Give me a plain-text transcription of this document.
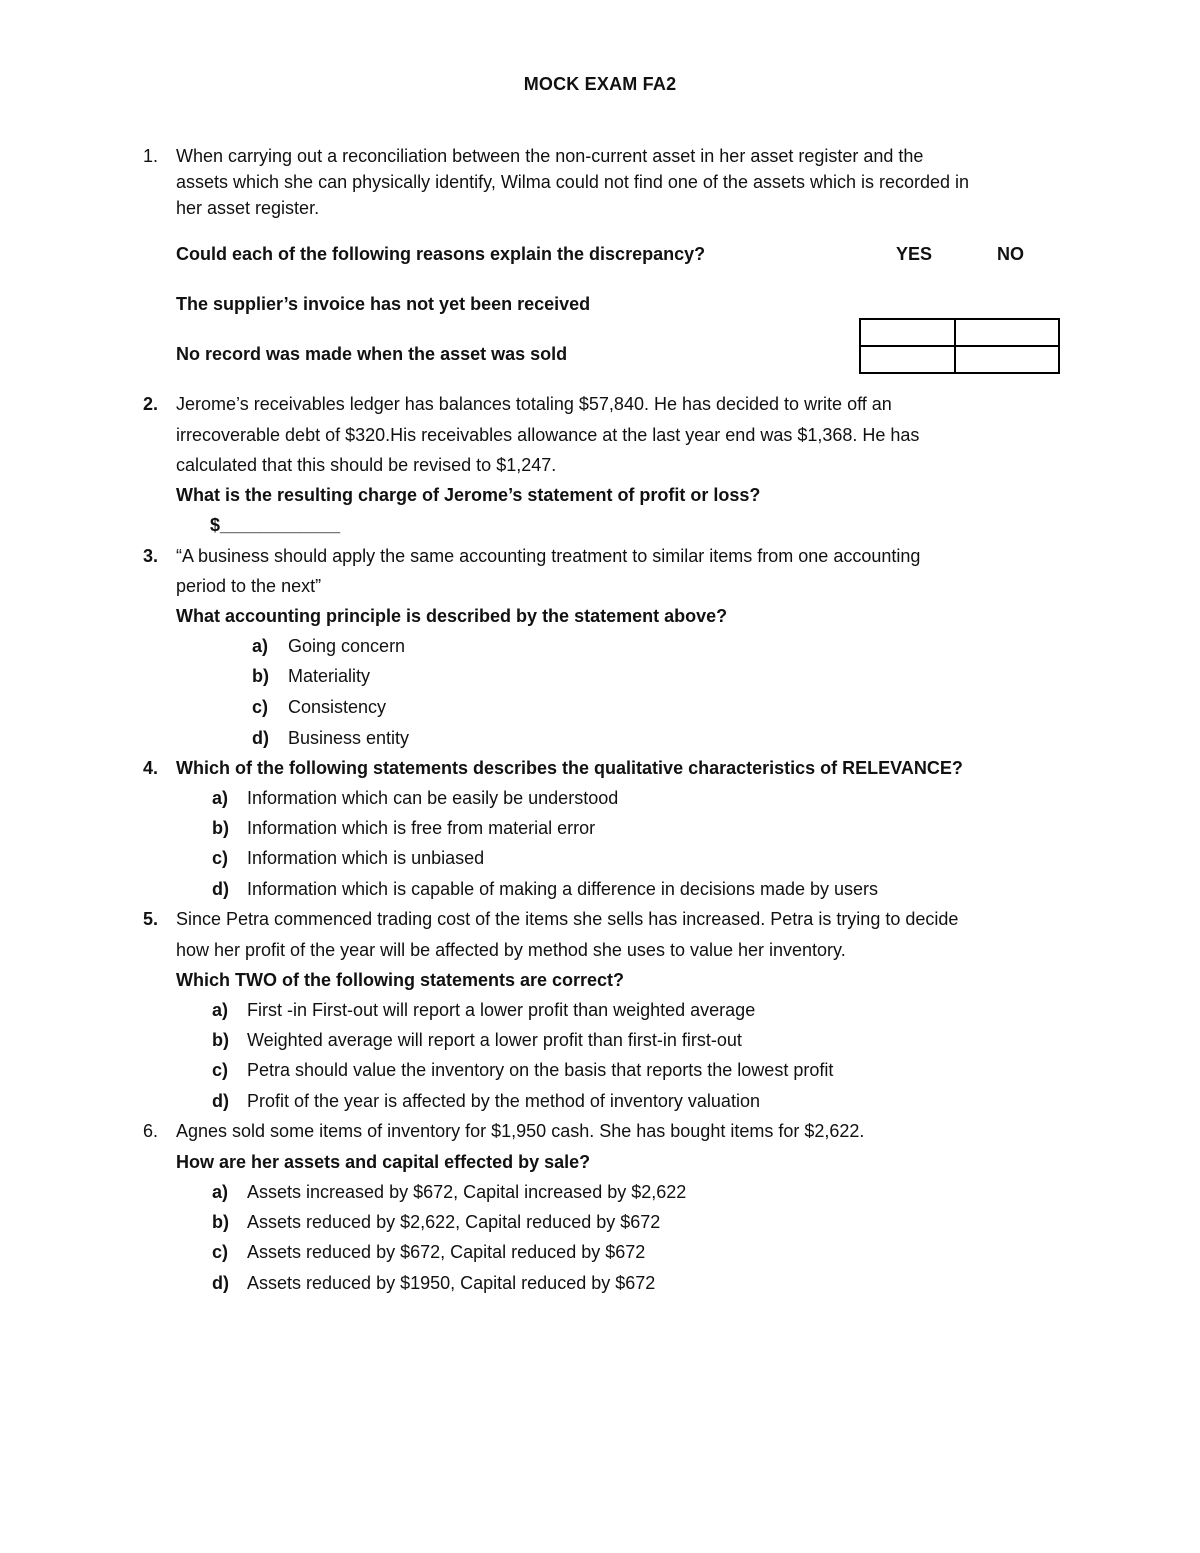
MOCK EXAM FA2
1. When carrying out a reconciliation between the non-current asset in her asset register and the
assets which she can physically identify, Wilma could not find one of the assets which is recorded in
her asset register.
Could each of the following reasons explain the discrepancy?	YES	NO
The supplier’s invoice has not yet been received
No record was made when the asset was sold
2. Jerome’s receivables ledger has balances totaling $57,840. He has decided to write off an
irrecoverable debt of $320.His receivables allowance at the last year end was $1,368. He has
calculated that this should be revised to $1,247.
What is the resulting charge of Jerome’s statement of profit or loss?
$____________
3. “A business should apply the same accounting treatment to similar items from one accounting
period to the next”
What accounting principle is described by the statement above?
a) Going concern
b) Materiality
c) Consistency
d) Business entity
4. Which of the following statements describes the qualitative characteristics of RELEVANCE?
a) Information which can be easily be understood
b) Information which is free from material error
c) Information which is unbiased
d) Information which is capable of making a difference in decisions made by users
5. Since Petra commenced trading cost of the items she sells has increased. Petra is trying to decide
how her profit of the year will be affected by method she uses to value her inventory.
Which TWO of the following statements are correct?
a) First -in First-out will report a lower profit than weighted average
b) Weighted average will report a lower profit than first-in first-out
c) Petra should value the inventory on the basis that reports the lowest profit
d) Profit of the year is affected by the method of inventory valuation
6. Agnes sold some items of inventory for $1,950 cash. She has bought items for $2,622.
How are her assets and capital effected by sale?
a) Assets increased by $672, Capital increased by $2,622
b) Assets reduced by $2,622, Capital reduced by $672
c) Assets reduced by $672, Capital reduced by $672
d) Assets reduced by $1950, Capital reduced by $672
